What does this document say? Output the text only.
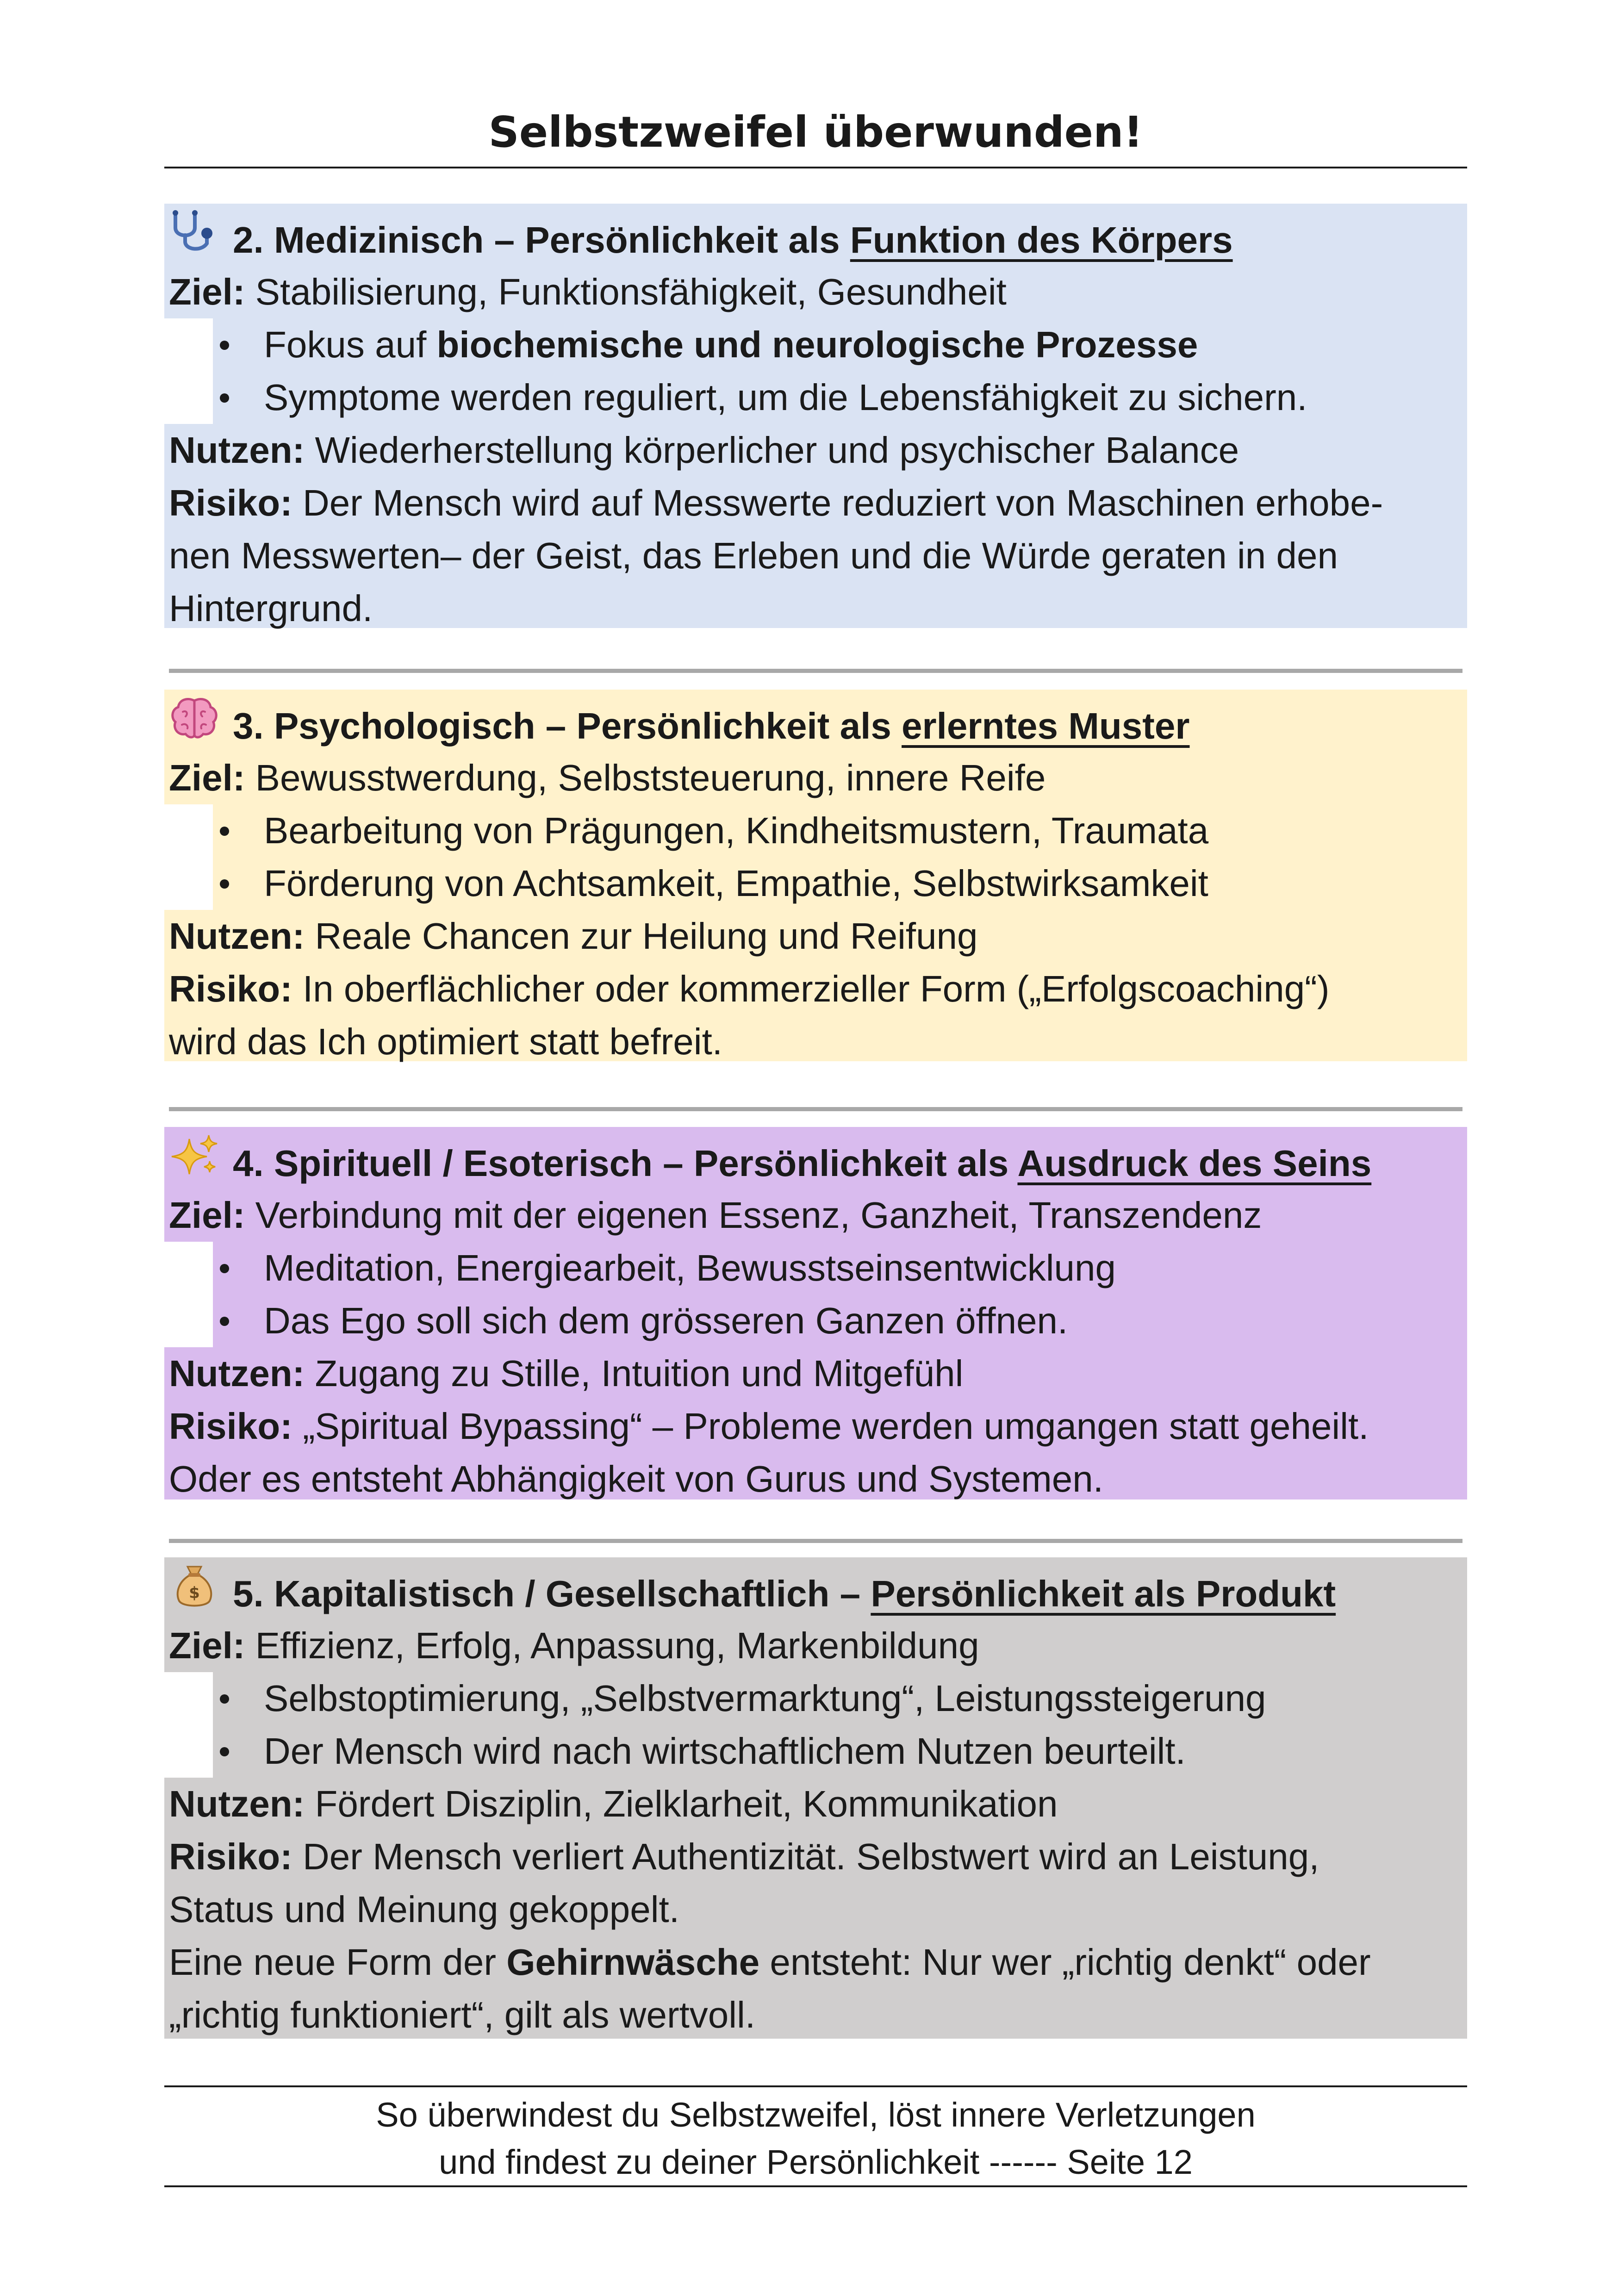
Selbstzweifel überwunden!
2. Medizinisch – Persönlichkeit als Funktion des Körpers
Ziel: Stabilisierung, Funktionsfähigkeit, Gesundheit
Fokus auf biochemische und neurologische Prozesse
Symptome werden reguliert, um die Lebensfähigkeit zu sichern.
Nutzen: Wiederherstellung körperlicher und psychischer Balance
Risiko: Der Mensch wird auf Messwerte reduziert von Maschinen erhobe-
nen Messwerten– der Geist, das Erleben und die Würde geraten in den
Hintergrund.
3. Psychologisch – Persönlichkeit als erlerntes Muster
Ziel: Bewusstwerdung, Selbststeuerung, innere Reife
Bearbeitung von Prägungen, Kindheitsmustern, Traumata
Förderung von Achtsamkeit, Empathie, Selbstwirksamkeit
Nutzen: Reale Chancen zur Heilung und Reifung
Risiko: In oberflächlicher oder kommerzieller Form („Erfolgscoaching“)
wird das Ich optimiert statt befreit.
4. Spirituell / Esoterisch – Persönlichkeit als Ausdruck des Seins
Ziel: Verbindung mit der eigenen Essenz, Ganzheit, Transzendenz
Meditation, Energiearbeit, Bewusstseinsentwicklung
Das Ego soll sich dem grösseren Ganzen öffnen.
Nutzen: Zugang zu Stille, Intuition und Mitgefühl
Risiko: „Spiritual Bypassing“ – Probleme werden umgangen statt geheilt.
Oder es entsteht Abhängigkeit von Gurus und Systemen.
$ 5. Kapitalistisch / Gesellschaftlich – Persönlichkeit als Produkt
Ziel: Effizienz, Erfolg, Anpassung, Markenbildung
Selbstoptimierung, „Selbstvermarktung“, Leistungssteigerung
Der Mensch wird nach wirtschaftlichem Nutzen beurteilt.
Nutzen: Fördert Disziplin, Zielklarheit, Kommunikation
Risiko: Der Mensch verliert Authentizität. Selbstwert wird an Leistung,
Status und Meinung gekoppelt.
Eine neue Form der Gehirnwäsche entsteht: Nur wer „richtig denkt“ oder
„richtig funktioniert“, gilt als wertvoll.
So überwindest du Selbstzweifel, löst innere Verletzungen
und findest zu deiner Persönlichkeit ------ Seite 12
